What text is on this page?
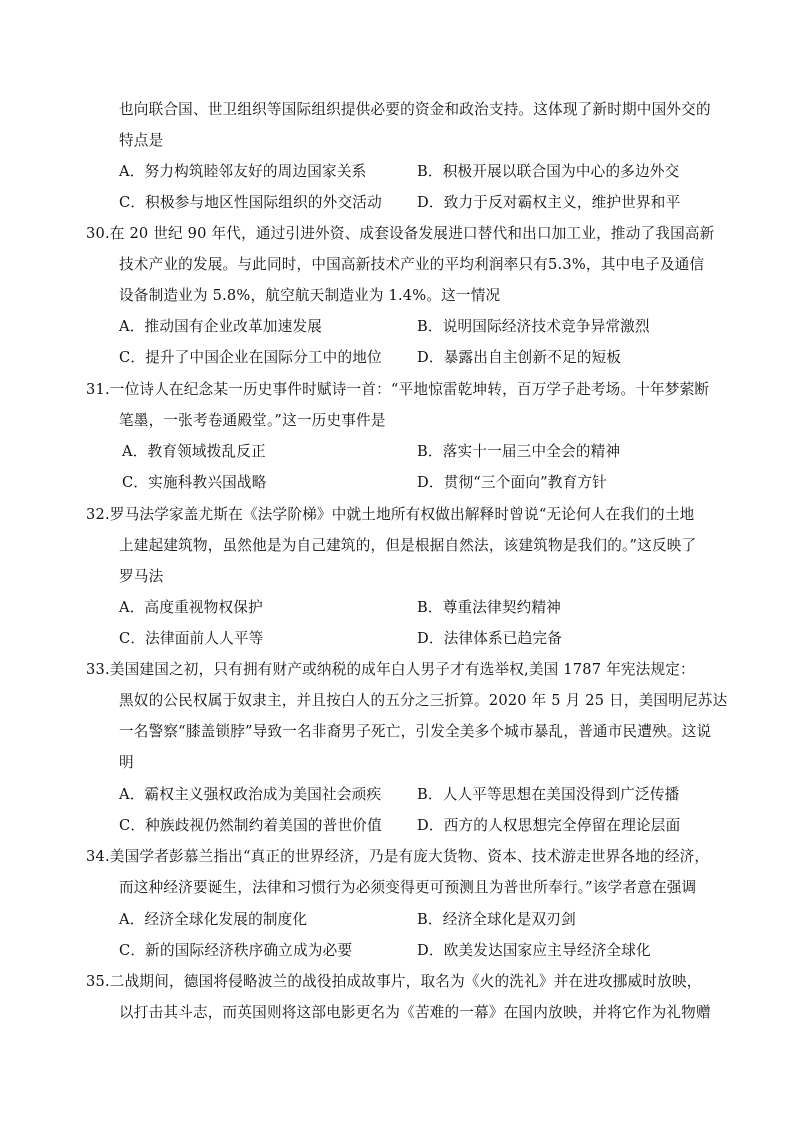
也向联合国、世卫组织等国际组织提供必要的资金和政治支持。这体现了新时期中国外交的
特点是
A．努力构筑睦邻友好的周边国家关系	B．积极开展以联合国为中心的多边外交
C．积极参与地区性国际组织的外交活动 D．致力于反对霸权主义，维护世界和平
30.在 20 世纪 90 年代，通过引进外资、成套设备发展进口替代和出口加工业，推动了我国高新
技术产业的发展。与此同时，中国高新技术产业的平均利润率只有5.3%，其中电子及通信
设备制造业为 5.8%，航空航天制造业为 1.4%。这一情况
A．推动国有企业改革加速发展	B．说明国际经济技术竞争异常激烈
C．提升了中国企业在国际分工中的地位 D．暴露出自主创新不足的短板
31.一位诗人在纪念某一历史事件时赋诗一首：“平地惊雷乾坤转，百万学子赴考场。十年梦萦断
笔墨，一张考卷通殿堂。”这一历史事件是
A．教育领域拨乱反正	B．落实十一届三中全会的精神
C．实施科教兴国战略	D．贯彻“三个面向”教育方针
32.罗马法学家盖尤斯在《法学阶梯》中就土地所有权做出解释时曾说“无论何人在我们的土地
上建起建筑物，虽然他是为自己建筑的，但是根据自然法，该建筑物是我们的。”这反映了
罗马法
A．高度重视物权保护	B．尊重法律契约精神
C．法律面前人人平等	D．法律体系已趋完备
33.美国建国之初，只有拥有财产或纳税的成年白人男子才有选举权,美国 1787 年宪法规定：
黑奴的公民权属于奴隶主，并且按白人的五分之三折算。2020 年 5 月 25 日，美国明尼苏达
一名警察“膝盖锁脖”导致一名非裔男子死亡，引发全美多个城市暴乱，普通市民遭殃。这说
明
A．霸权主义强权政治成为美国社会顽疾 B．人人平等思想在美国没得到广泛传播
C．种族歧视仍然制约着美国的普世价值 D．西方的人权思想完全停留在理论层面
34.美国学者彭慕兰指出“真正的世界经济，乃是有庞大货物、资本、技术游走世界各地的经济，
而这种经济要诞生，法律和习惯行为必须变得更可预测且为普世所奉行。”该学者意在强调
A．经济全球化发展的制度化	B．经济全球化是双刃剑
C．新的国际经济秩序确立成为必要	D．欧美发达国家应主导经济全球化
35.二战期间，德国将侵略波兰的战役拍成故事片，取名为《火的洗礼》并在进攻挪威时放映，
以打击其斗志，而英国则将这部电影更名为《苦难的一幕》在国内放映，并将它作为礼物赠
